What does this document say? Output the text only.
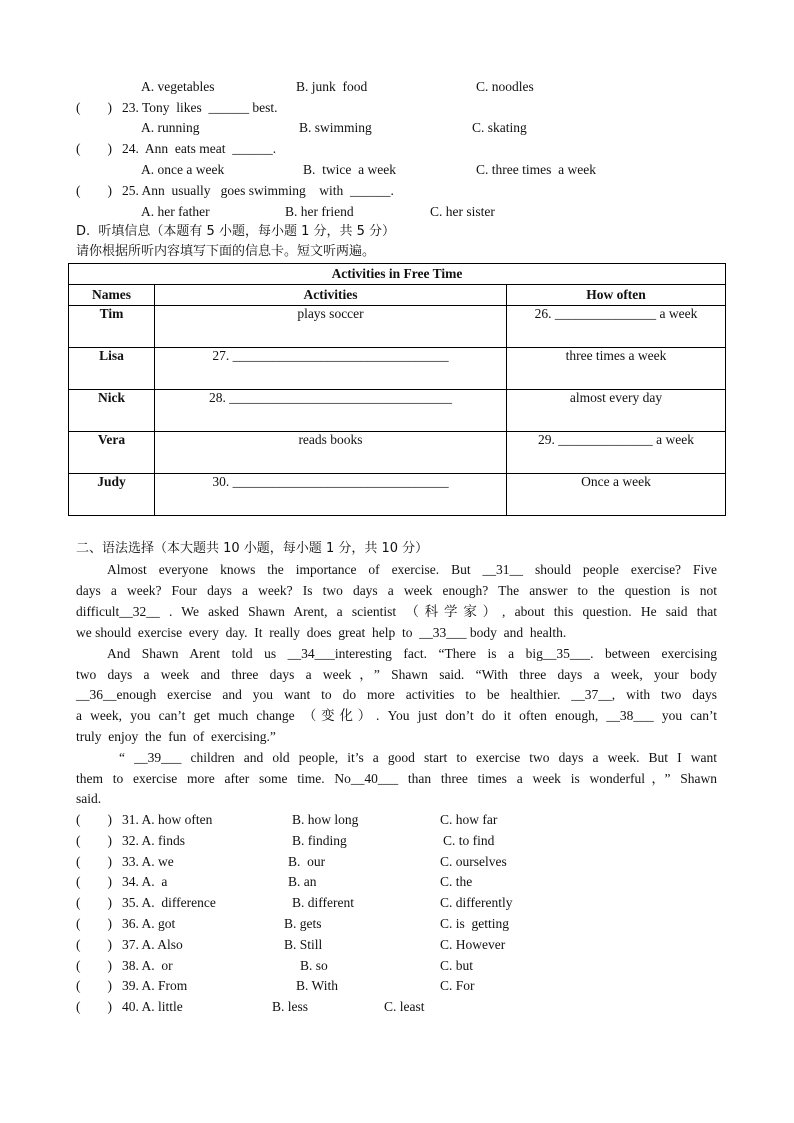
A. vegetables	B. junk  food	C. noodles
(        ) 23. Tony  likes  ______ best.
A. running	B. swimming	C. skating
(        ) 24.  Ann  eats meat  ______.
A. once a week	B.  twice  a week	C. three times  a week
(        ) 25. Ann  usually   goes swimming    with  ______.
A. her father	B. her friend	C. her sister
D.  听填信息（本题有 5 小题，每小题 1 分，共 5 分）
请你根据所听内容填写下面的信息卡。短文听两遍。
Activities in Free Time		
Names	Activities	How often
Tim	plays soccer	26. _______________ a week
Lisa	27. ________________________________	three times a week
Nick	28. _________________________________	almost every day
Vera	reads books	29. ______________ a week
Judy	30. ________________________________	Once a week
二、语法选择（本大题共 10 小题，每小题 1 分，共 10 分）
Almost everyone knows the importance of exercise. But __31__ should people exercise? Five
days a week? Four days a week? Is two days a week enough? The answer to the question is not
difficult__32__ . We asked Shawn Arent, a scientist （科学家）, about this question. He said that
we should  exercise  every  day.  It  really  does  great  help  to  __33___ body  and  health.
And Shawn Arent told us __34___interesting fact. “There is a big__35___. between exercising
two days a week and three days a week，” Shawn said. “With three days a week, your body
__36__enough exercise and you want to do more activities to be healthier. __37__, with two days
a week, you can’t get much change （变化）. You just don’t do it often enough, __38___ you can’t
truly  enjoy  the  fun  of  exercising.”
“ __39___ children and old people, it’s a good start to exercise two days a week. But I want
them to exercise more after some time. No__40___ than three times a week is wonderful，” Shawn
said.
(        ) 31. A. how often	B. how long	C. how far
(        ) 32. A. finds	B. finding	C. to find
(        ) 33. A. we	B.  our	C. ourselves
(        ) 34. A.  a	B. an	C. the
(        ) 35. A.  difference	B. different	C. differently
(        ) 36. A. got	B. gets	C. is  getting
(        ) 37. A. Also	B. Still	C. However
(        ) 38. A.  or	B. so	C. but
(        ) 39. A. From	B. With	C. For
(        ) 40. A. little	B. less	C. least
